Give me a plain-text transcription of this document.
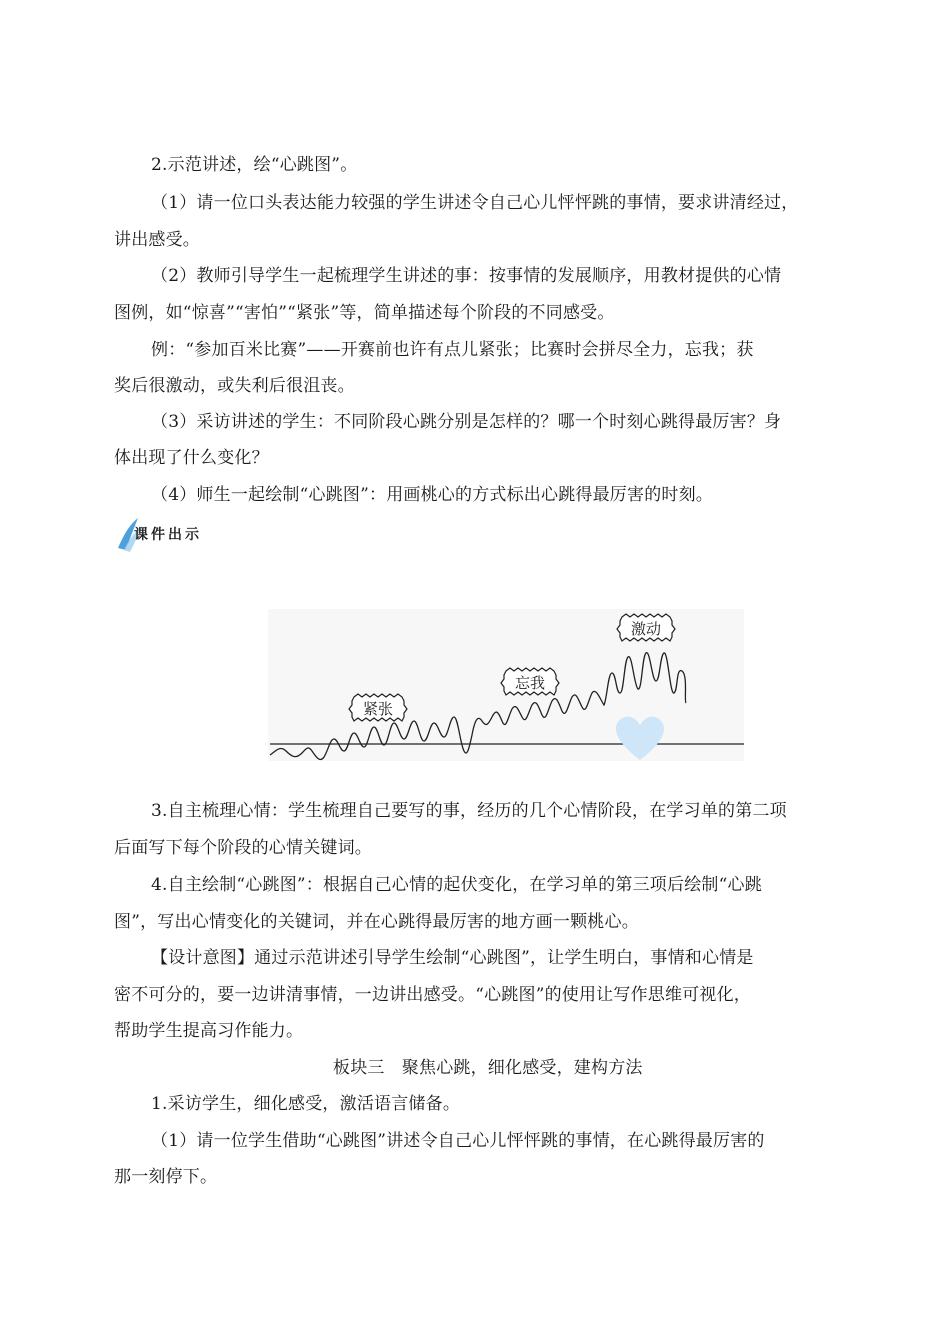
2.示范讲述，绘“心跳图”。
（1）请一位口头表达能力较强的学生讲述令自己心儿怦怦跳的事情，要求讲清经过，
讲出感受。
（2）教师引导学生一起梳理学生讲述的事：按事情的发展顺序，用教材提供的心情
图例，如“惊喜”“害怕”“紧张”等，简单描述每个阶段的不同感受。
例：“参加百米比赛”——开赛前也许有点儿紧张；比赛时会拼尽全力，忘我；获
奖后很激动，或失利后很沮丧。
（3）采访讲述的学生：不同阶段心跳分别是怎样的？哪一个时刻心跳得最厉害？身
体出现了什么变化？
（4）师生一起绘制“心跳图”：用画桃心的方式标出心跳得最厉害的时刻。
课件出示
紧张
忘我
激动
3.自主梳理心情：学生梳理自己要写的事，经历的几个心情阶段，在学习单的第二项
后面写下每个阶段的心情关键词。
4.自主绘制“心跳图”：根据自己心情的起伏变化，在学习单的第三项后绘制“心跳
图”，写出心情变化的关键词，并在心跳得最厉害的地方画一颗桃心。
【设计意图】通过示范讲述引导学生绘制“心跳图”，让学生明白，事情和心情是
密不可分的，要一边讲清事情，一边讲出感受。“心跳图”的使用让写作思维可视化，
帮助学生提高习作能力。
板块三　聚焦心跳，细化感受，建构方法
1.采访学生，细化感受，激活语言储备。
（1）请一位学生借助“心跳图”讲述令自己心儿怦怦跳的事情，在心跳得最厉害的
那一刻停下。
